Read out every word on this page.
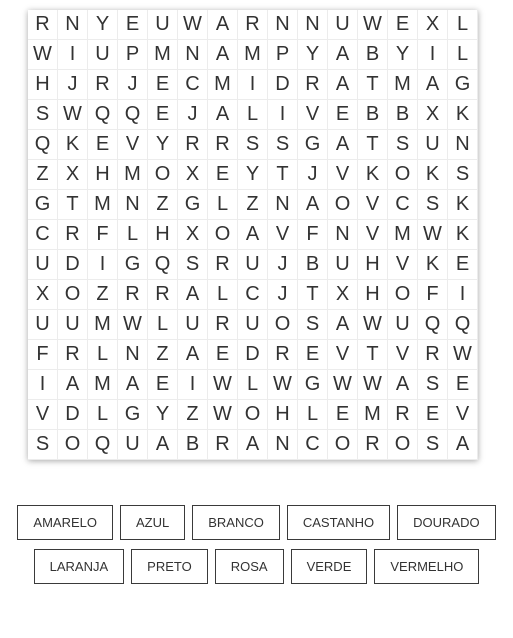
R N Y E U W A R N N U W E X L
W I U P M N A M P Y A B Y	I	L
H J R J E C M I D R A T M A G
S W Q Q E J A L	I	V E B B X K
Q K E V Y R R S S G A T S U N
Z X H M O X E Y T J V K O K S
G T M N Z G L Z N A O V C S K
C R F L H X O A V F N V M W K
U D	I G Q S R U J B U H V K E
X O Z R R A L C J T X H O F	I
U U M W L U R U O S A W U Q Q
F R L N Z A E D R E V T V R W
I	A M A E	I W L W G W W A S E
V D L G Y Z W O H L E M R E V
S O Q U A B R A N C O R O S A
AMARELO	AZUL	BRANCO	CASTANHO	DOURADO
LARANJA	PRETO	ROSA	VERDE	VERMELHO
